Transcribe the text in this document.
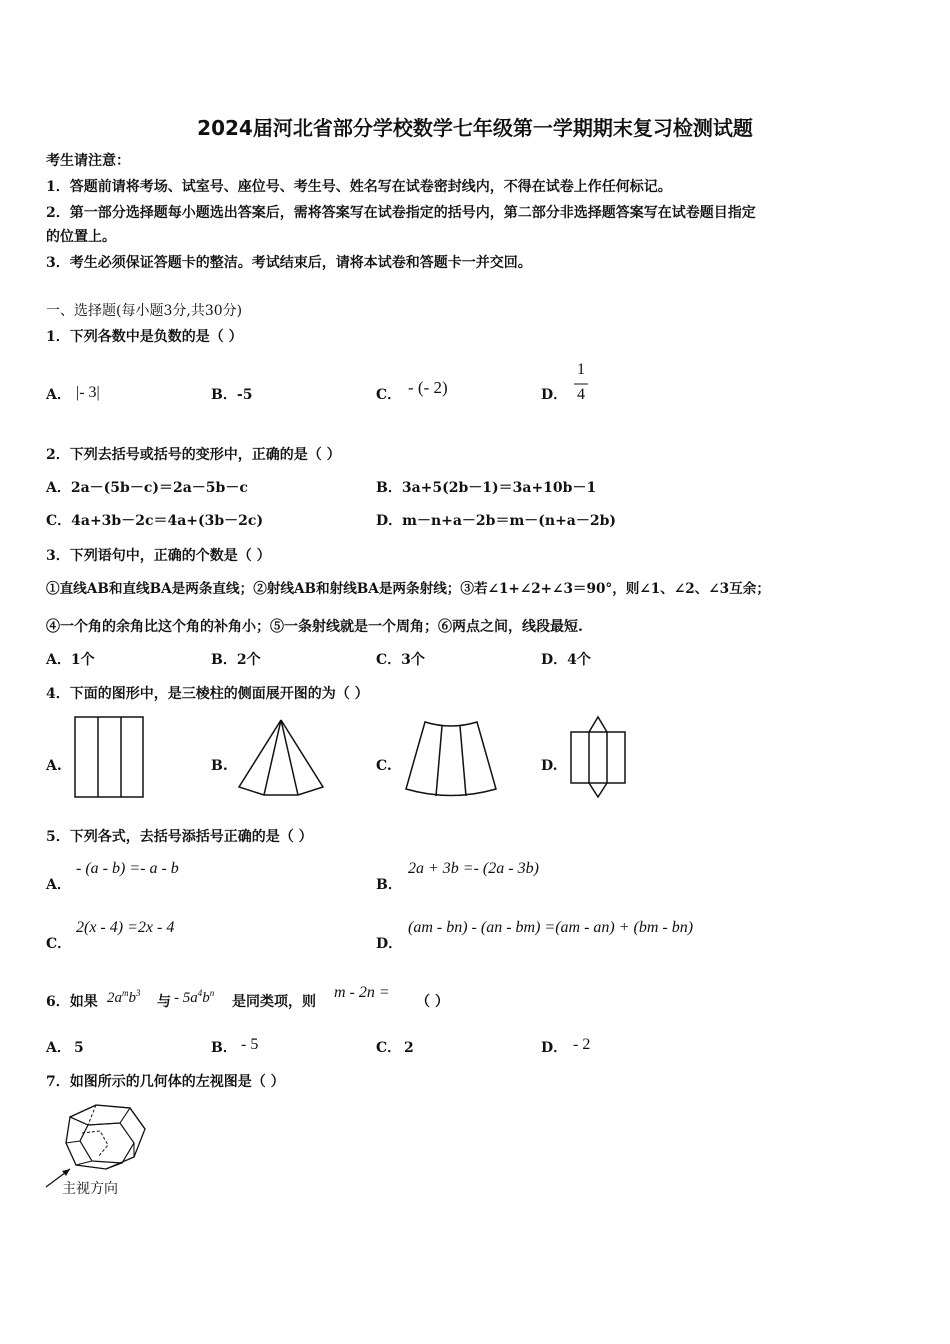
2024届河北省部分学校数学七年级第一学期期末复习检测试题
考生请注意：
1．答题前请将考场、试室号、座位号、考生号、姓名写在试卷密封线内，不得在试卷上作任何标记。
2．第一部分选择题每小题选出答案后，需将答案写在试卷指定的括号内，第二部分非选择题答案写在试卷题目指定
的位置上。
3．考生必须保证答题卡的整洁。考试结束后，请将本试卷和答题卡一并交回。
一、选择题(每小题3分,共30分)
1．下列各数中是负数的是（ ）
A． |- 3|	B． -5	C． - (- 2)	D．
1
4
2．下列去括号或括号的变形中，正确的是（ ）
A．2a－(5b－c)＝2a－5b－c	B．3a+5(2b－1)＝3a+10b－1
C．4a+3b－2c＝4a+(3b－2c)	D．m－n+a－2b＝m－(n+a－2b)
3．下列语句中，正确的个数是（ ）
①直线AB和直线BA是两条直线；②射线AB和射线BA是两条射线；③若∠1+∠2+∠3＝90°，则∠1、∠2、∠3互余；
④一个角的余角比这个角的补角小；⑤一条射线就是一个周角；⑥两点之间，线段最短.
A．1个	B．2个	C．3个	D．4个
4．下面的图形中，是三棱柱的侧面展开图的为（ ）
A.	B.	C.	D.
5．下列各式，去括号添括号正确的是（ ）
A．
- (a - b) =- a - b
B．
2a + 3b =- (2a - 3b)
C．
2(x - 4) =2x - 4
D．
(am - bn) - (an - bm) =(am - an) + (bm - bn)
6．如果 $2a^mb^3$
与 - $5a^4b^n$
是同类项，则
m - 2n =
（ ）
A． 5	B． - 5	C． 2	D． - 2
7．如图所示的几何体的左视图是（ ）
主视方向
